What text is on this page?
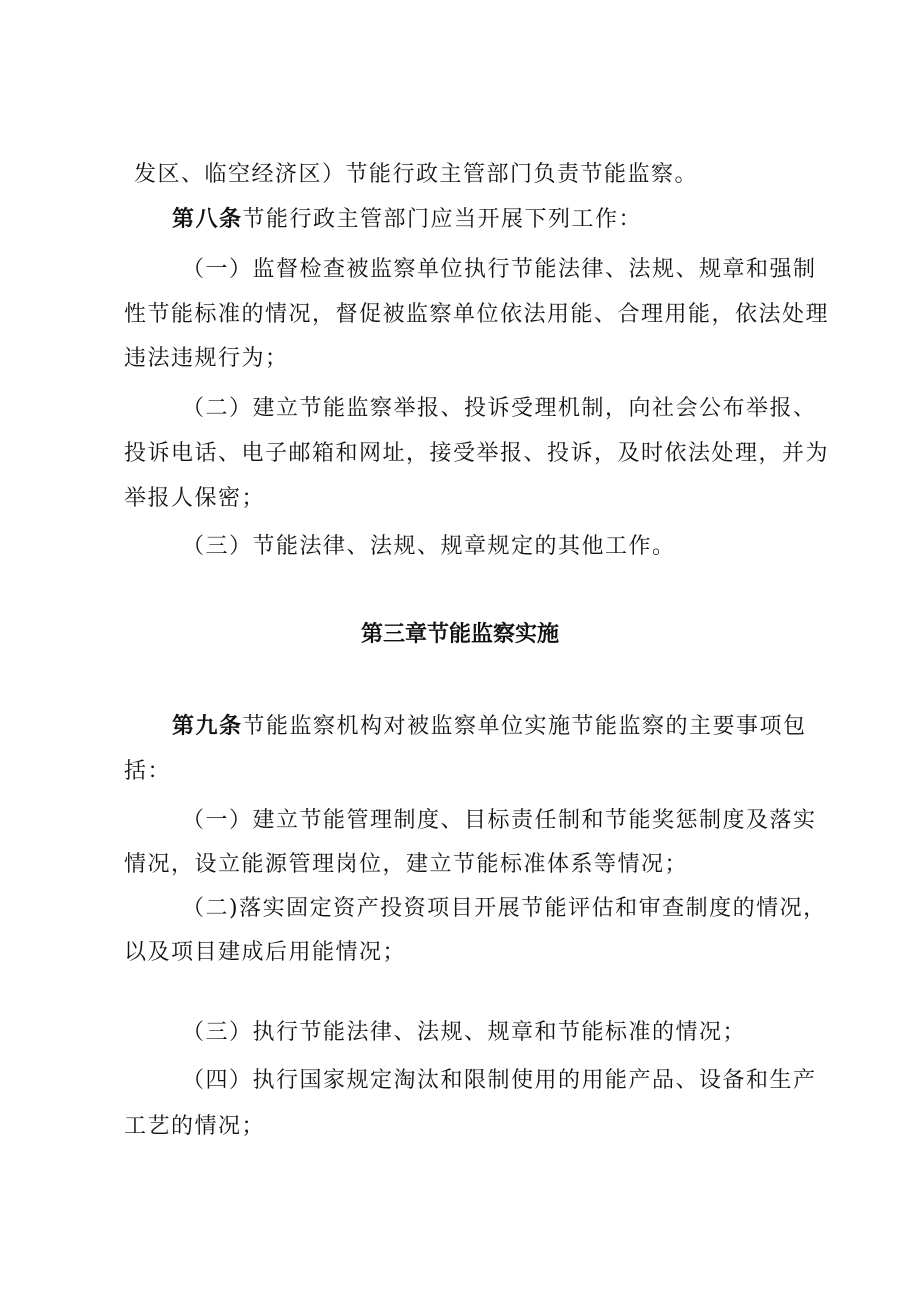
发区、临空经济区）节能行政主管部门负责节能监察。
第八条节能行政主管部门应当开展下列工作：
（一）监督检查被监察单位执行节能法律、法规、规章和强制
性节能标准的情况，督促被监察单位依法用能、合理用能，依法处理
违法违规行为；
（二）建立节能监察举报、投诉受理机制，向社会公布举报、
投诉电话、电子邮箱和网址，接受举报、投诉，及时依法处理，并为
举报人保密；
（三）节能法律、法规、规章规定的其他工作。
第三章节能监察实施
第九条节能监察机构对被监察单位实施节能监察的主要事项包
括：
（一）建立节能管理制度、目标责任制和节能奖惩制度及落实
情况，设立能源管理岗位，建立节能标准体系等情况；
（二)落实固定资产投资项目开展节能评估和审查制度的情况，
以及项目建成后用能情况；
（三）执行节能法律、法规、规章和节能标准的情况；
（四）执行国家规定淘汰和限制使用的用能产品、设备和生产
工艺的情况；
